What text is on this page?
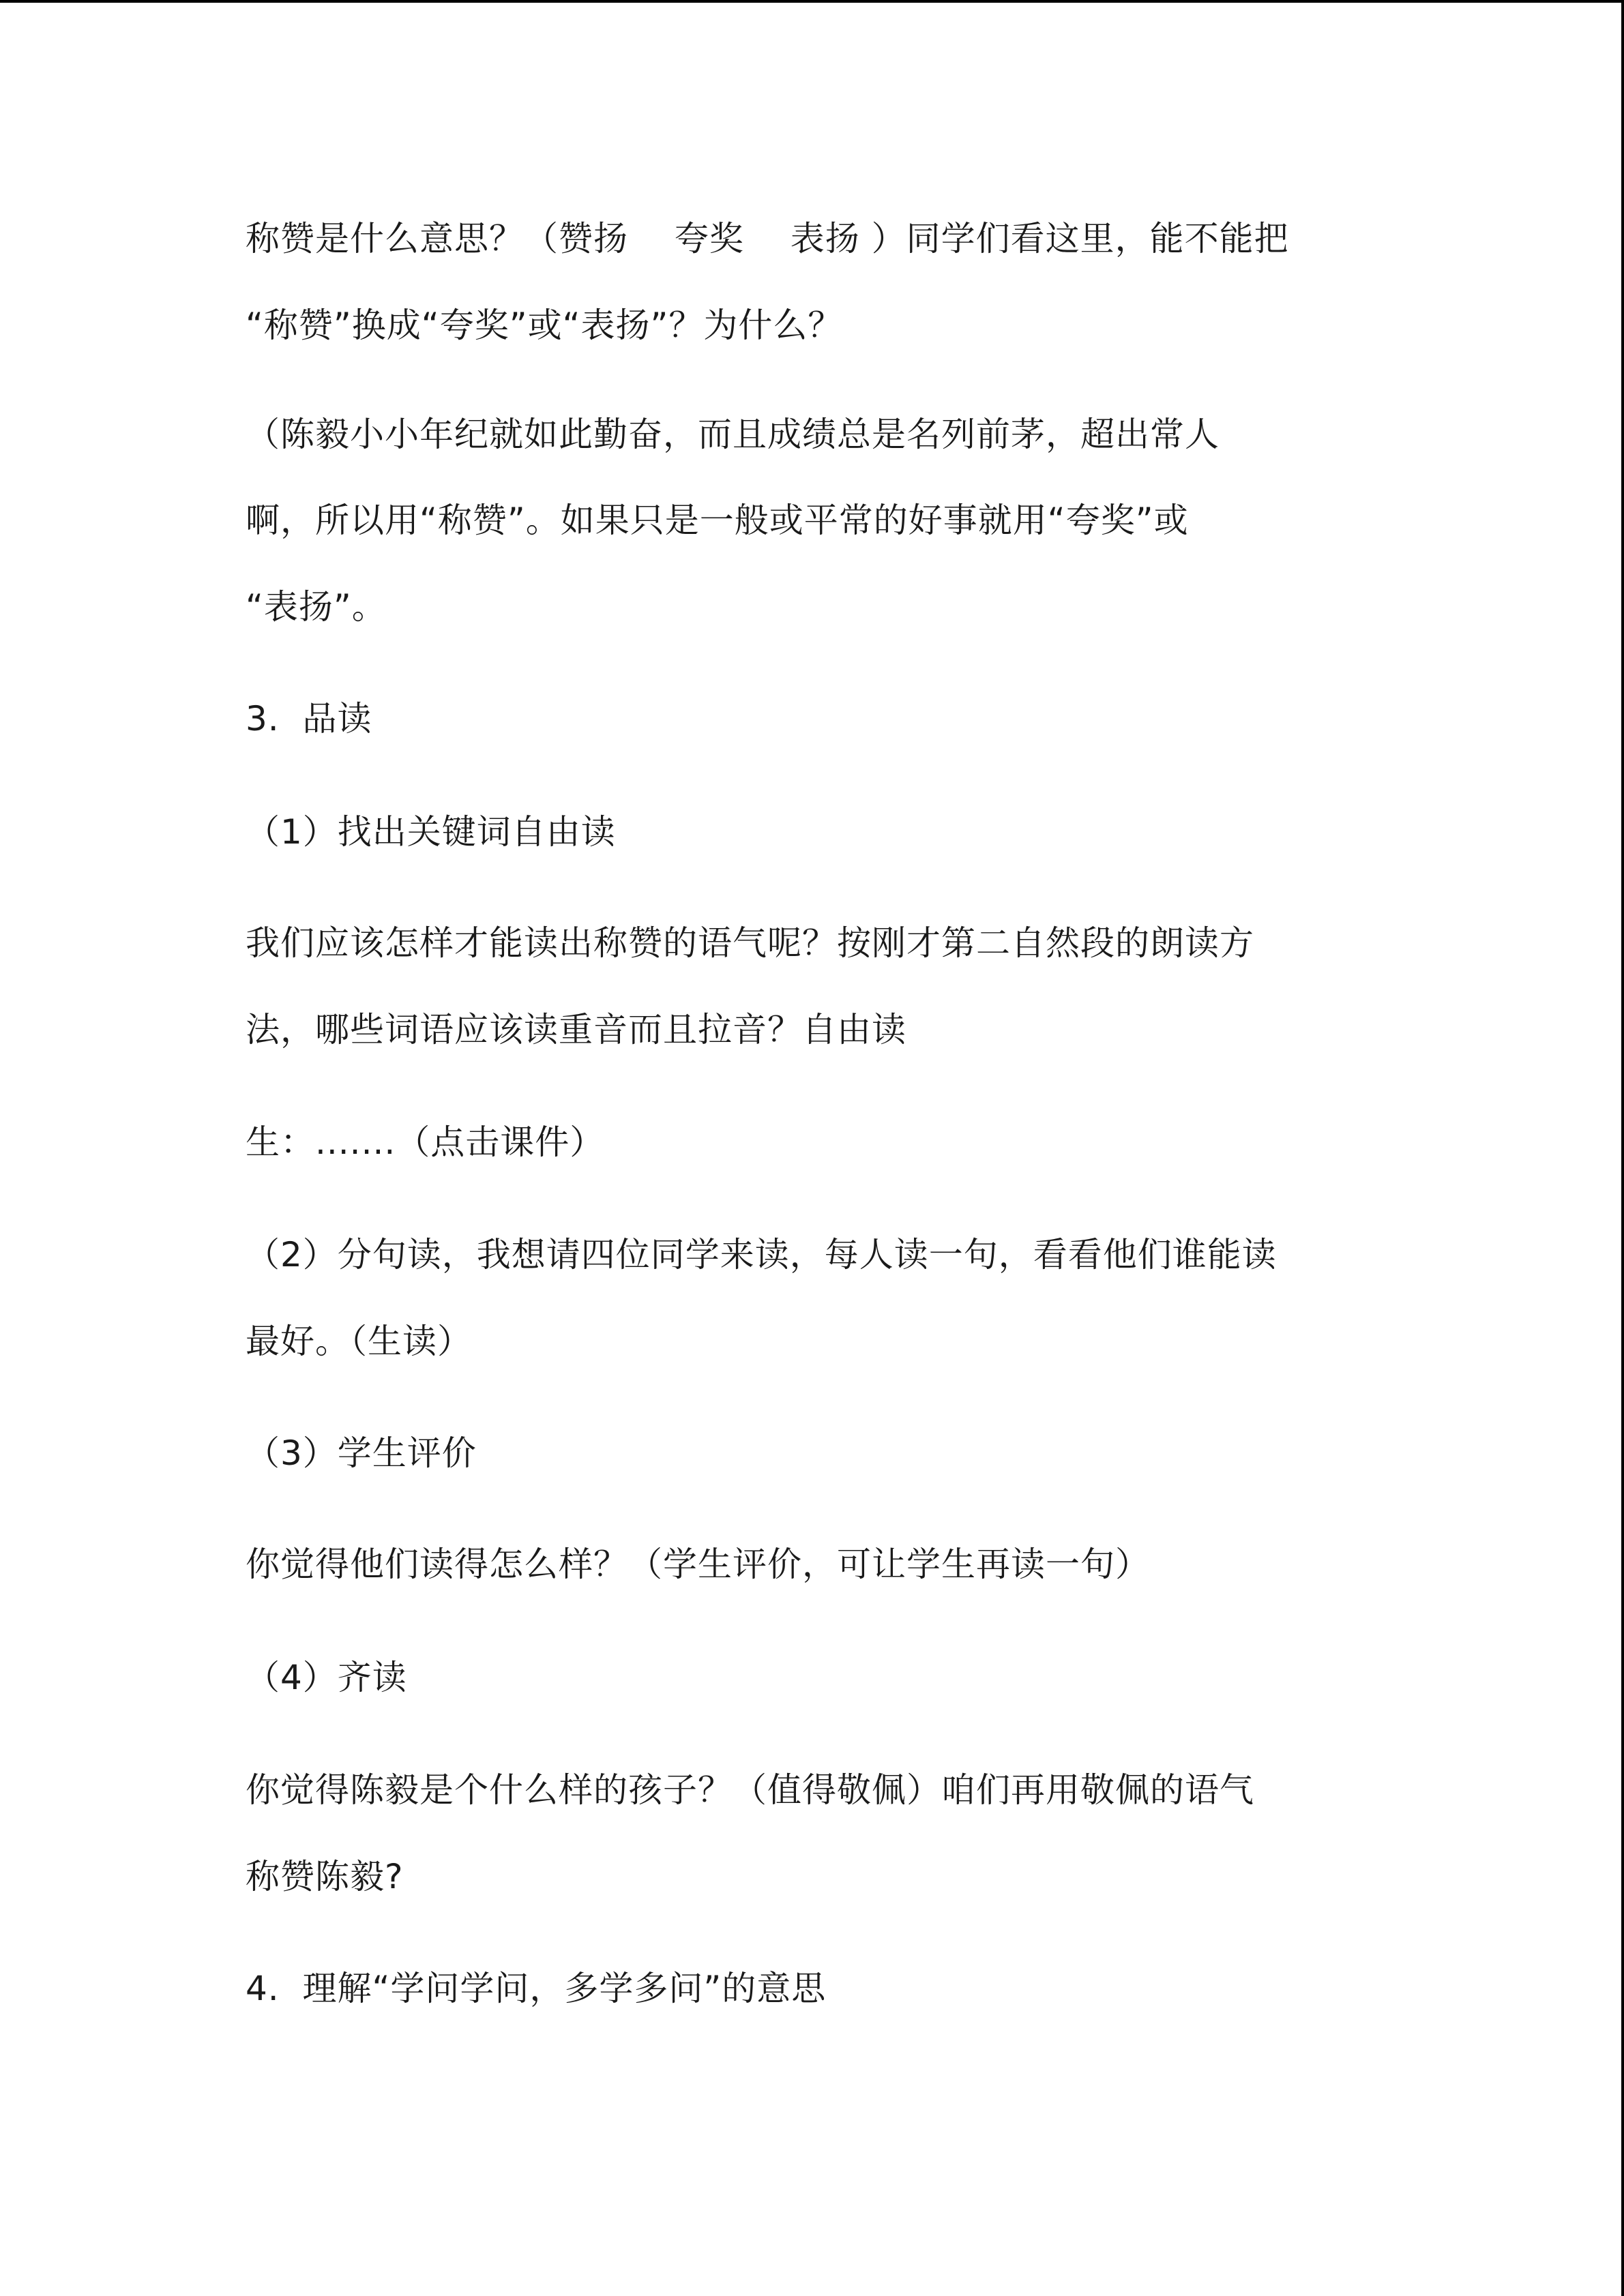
称赞是什么意思？（赞扬　 夸奖　 表扬 ）同学们看这里，能不能把
“称赞”换成“夸奖”或“表扬”？为什么？
（陈毅小小年纪就如此勤奋，而且成绩总是名列前茅，超出常人
啊，所以用“称赞”。如果只是一般或平常的好事就用“夸奖”或
“表扬”。
3.  品读
（1）找出关键词自由读
我们应该怎样才能读出称赞的语气呢？按刚才第二自然段的朗读方
法，哪些词语应该读重音而且拉音？自由读
生：.......（点击课件）
（2）分句读，我想请四位同学来读，每人读一句，看看他们谁能读
最好。（生读）
（3）学生评价
你觉得他们读得怎么样？（学生评价，可让学生再读一句）
（4）齐读
你觉得陈毅是个什么样的孩子？（值得敬佩）咱们再用敬佩的语气
称赞陈毅?
4.  理解“学问学问，多学多问”的意思
